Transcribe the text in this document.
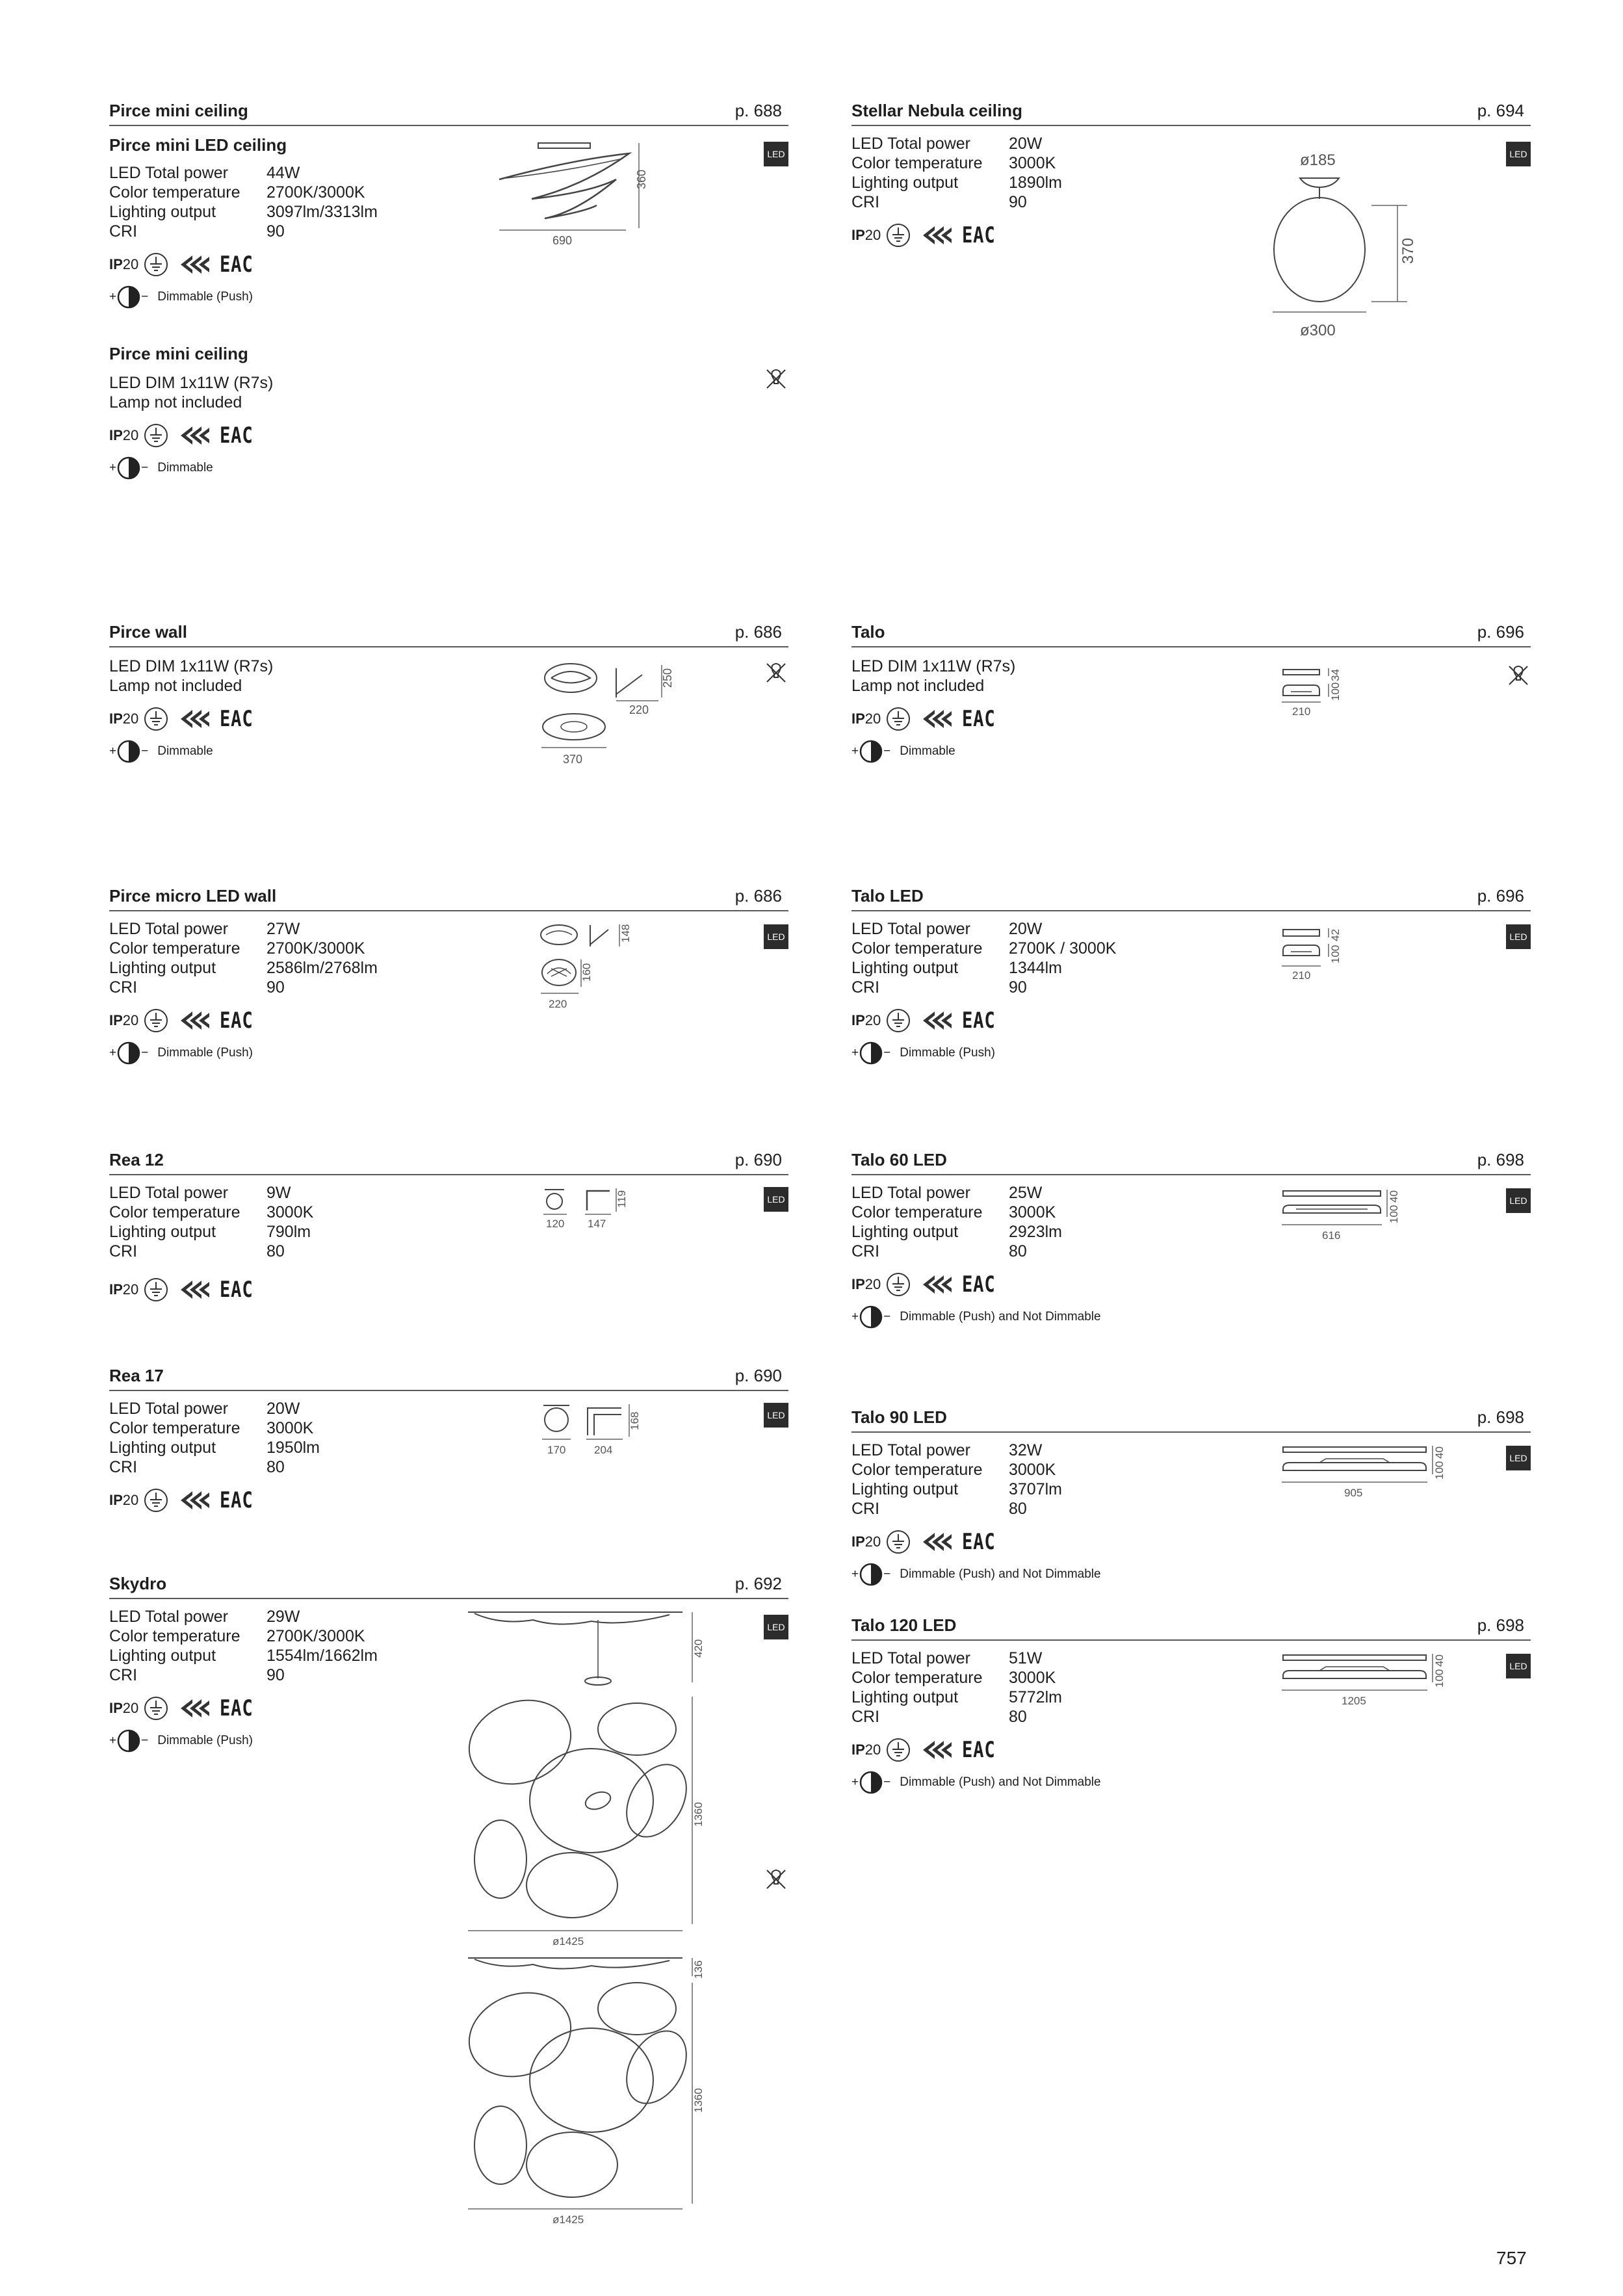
Pirce mini ceiling	p. 688
Pirce mini LED ceiling
LED Total power	44W
Color temperature	2700K/3000K
Lighting output	3097lm/3313lm
CRI	90
IP20	EAC
+ − Dimmable (Push)
Pirce mini ceiling
LED DIM 1x11W (R7s)
Lamp not included
IP20	EAC
+ − Dimmable
LED
360
690
Pirce wall	p. 686
LED DIM 1x11W (R7s)
Lamp not included
IP20	EAC
+ − Dimmable
250
220
370
Pirce micro LED wall	p. 686
LED Total power	27W
Color temperature	2700K/3000K
Lighting output	2586lm/2768lm
CRI	90
IP20	EAC
+ − Dimmable (Push)
LED
148
160
220
Rea 12	p. 690
LED Total power	9W
Color temperature	3000K
Lighting output	790lm
CRI	80
IP20	EAC
LED
119
120 147
Rea 17	p. 690
LED Total power	20W
Color temperature	3000K
Lighting output	1950lm
CRI	80
IP20	EAC
LED
168
170	204
Skydro	p. 692
LED Total power	29W
Color temperature	2700K/3000K
Lighting output	1554lm/1662lm
CRI	90
IP20	EAC
+ − Dimmable (Push)
LED
420
1360
ø1425
136
1360
ø1425
Stellar Nebula ceiling	p. 694
LED Total power	20W
Color temperature	3000K
Lighting output	1890lm
CRI	90
IP20	EAC
LED
ø185
370
ø300
Talo	p. 696
LED DIM 1x11W (R7s)
Lamp not included
IP20	EAC
+ − Dimmable
34
100
210
Talo LED	p. 696
LED Total power	20W
Color temperature	2700K / 3000K
Lighting output	1344lm
CRI	90
IP20	EAC
+ − Dimmable (Push)
LED
42
100
210
Talo 60 LED	p. 698
LED Total power	25W
Color temperature	3000K
Lighting output	2923lm
CRI	80
IP20	EAC
+ − Dimmable (Push) and Not Dimmable
LED
40
100
616
Talo 90 LED	p. 698
LED Total power	32W
Color temperature	3000K
Lighting output	3707lm
CRI	80
IP20	EAC
+ − Dimmable (Push) and Not Dimmable
LED
40
100
905
Talo 120 LED	p. 698
LED Total power	51W
Color temperature	3000K
Lighting output	5772lm
CRI	80
IP20	EAC
+ − Dimmable (Push) and Not Dimmable
LED
40
100
1205
757
